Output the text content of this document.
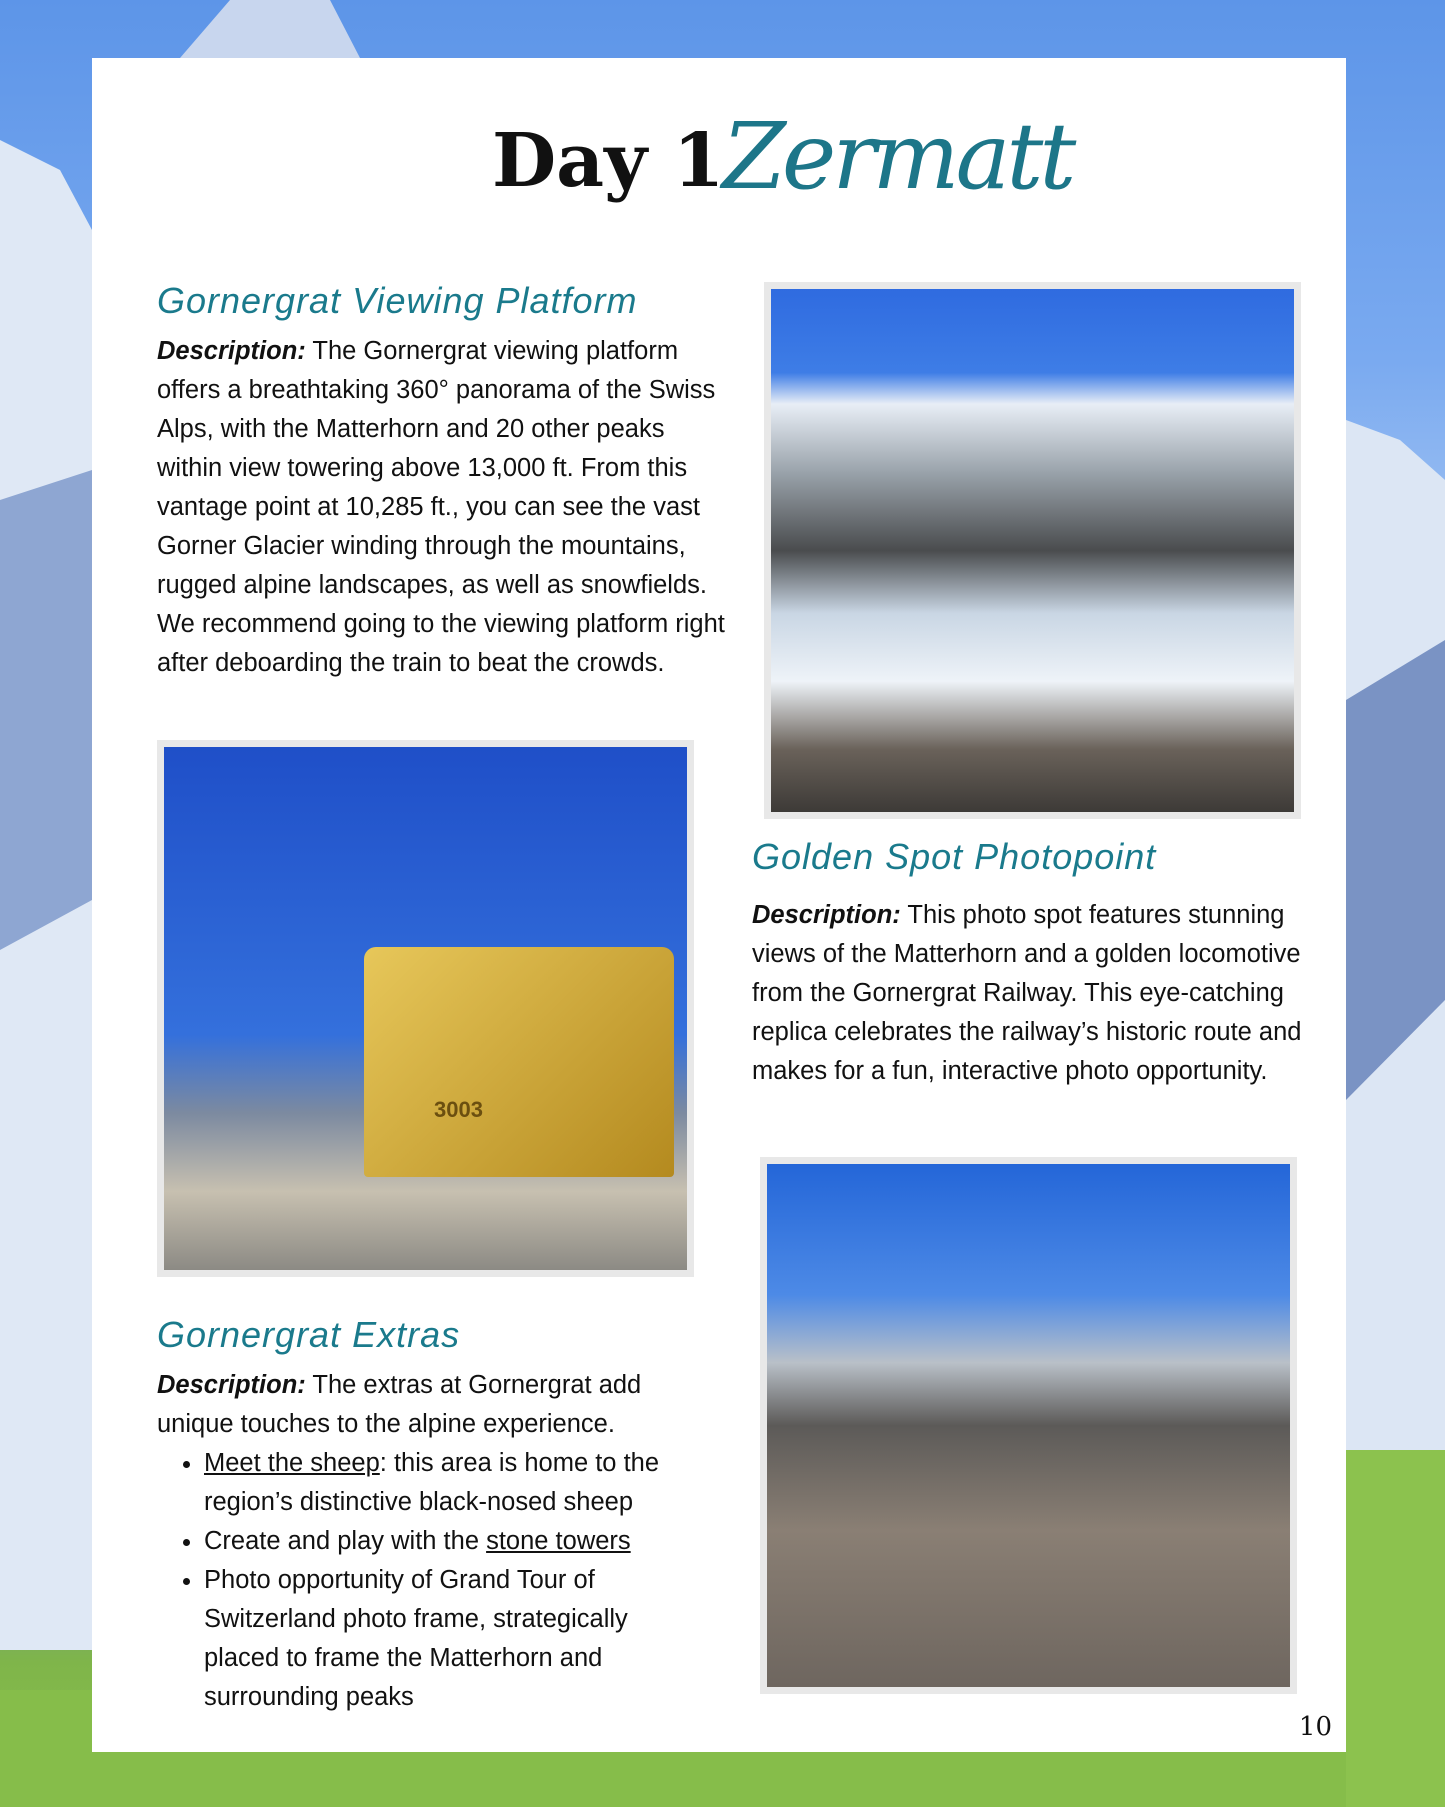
Day 1
Zermatt
Gornergrat Viewing Platform
Description: The Gornergrat viewing platform offers a breathtaking 360° panorama of the Swiss Alps, with the Matterhorn and 20 other peaks within view towering above 13,000 ft. From this vantage point at 10,285 ft., you can see the vast Gorner Glacier winding through the mountains, rugged alpine landscapes, as well as snowfields. We recommend going to the viewing platform right after deboarding the train to beat the crowds.
3003
Golden Spot Photopoint
Description: This photo spot features stunning views of the Matterhorn and a golden locomotive from the Gornergrat Railway. This eye-catching replica celebrates the railway’s historic route and makes for a fun, interactive photo opportunity.
Gornergrat Extras
Description: The extras at Gornergrat add unique touches to the alpine experience.
• Meet the sheep: this area is home to the region’s distinctive black-nosed sheep
• Create and play with the stone towers
• Photo opportunity of Grand Tour of Switzerland photo frame, strategically placed to frame the Matterhorn and surrounding peaks
10
